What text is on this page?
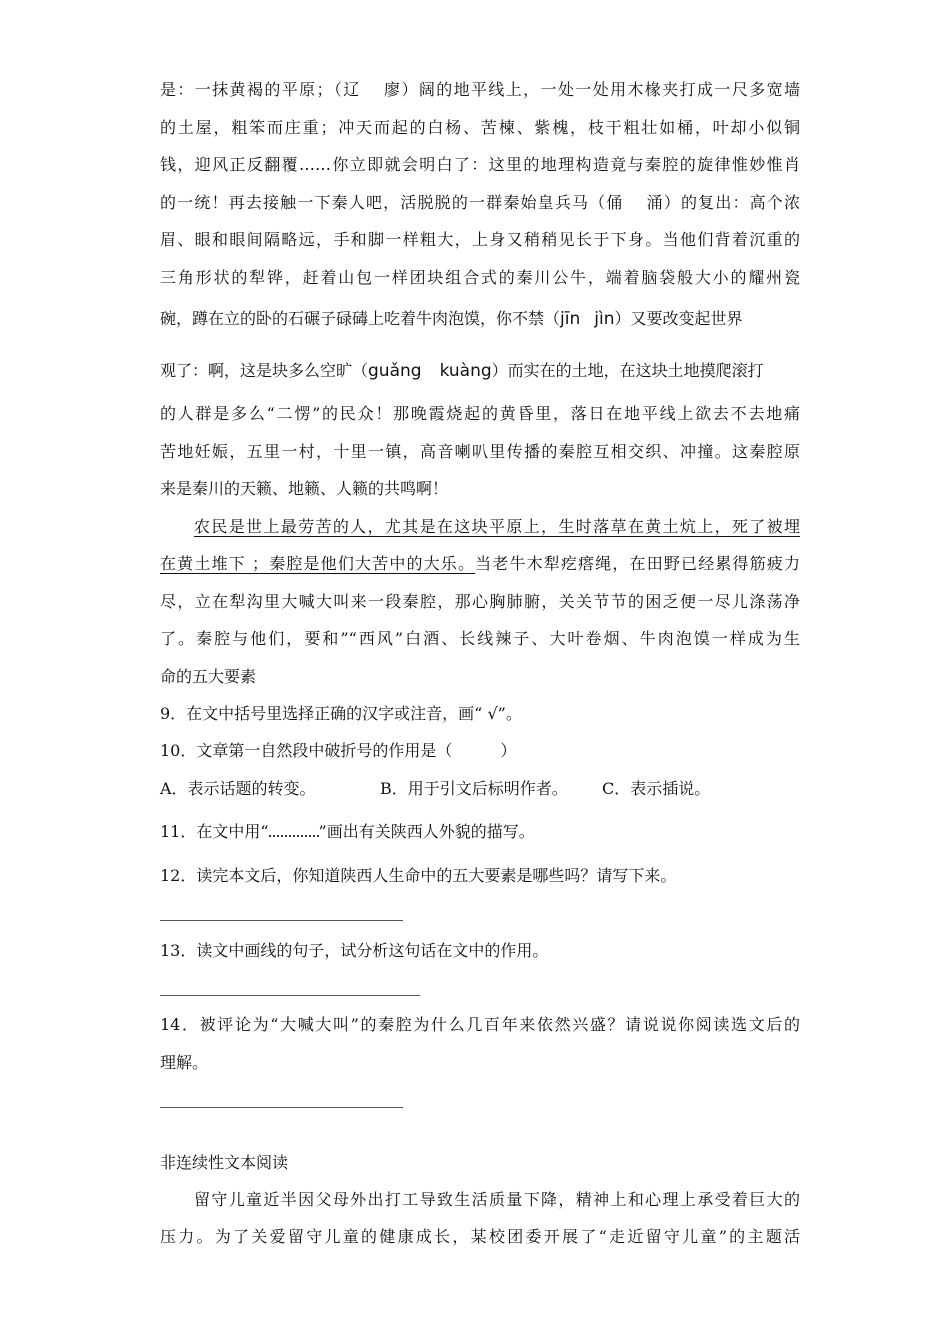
是：一抹黄褐的平原；（辽 廖）阔的地平线上，一处一处用木椽夹打成一尺多宽墙
的土屋，粗笨而庄重；冲天而起的白杨、苦楝、紫槐，枝干粗壮如桶，叶却小似铜
钱，迎风正反翻覆……你立即就会明白了：这里的地理构造竟与秦腔的旋律惟妙惟肖
的一统！再去接触一下秦人吧，活脱脱的一群秦始皇兵马（俑 涌）的复出：高个浓
眉、眼和眼间隔略远，手和脚一样粗大，上身又稍稍见长于下身。当他们背着沉重的
三角形状的犁铧，赶着山包一样团块组合式的秦川公牛，端着脑袋般大小的耀州瓷
碗，蹲在立的卧的石碾子碌碡上吃着牛肉泡馍，你不禁（jīn jìn）又要改变起世界
观了：啊，这是块多么空旷（guǎng kuàng）而实在的土地，在这块土地摸爬滚打
的人群是多么“二愣”的民众！那晚霞烧起的黄昏里，落日在地平线上欲去不去地痛
苦地妊娠，五里一村，十里一镇，高音喇叭里传播的秦腔互相交织、冲撞。这秦腔原
来是秦川的天籁、地籁、人籁的共鸣啊！
农民是世上最劳苦的人，尤其是在这块平原上，生时落草在黄土炕上，死了被埋
在黄土堆下 ；秦腔是他们大苦中的大乐。当老牛木犁疙瘩绳，在田野已经累得筋疲力
尽，立在犁沟里大喊大叫来一段秦腔，那心胸肺腑，关关节节的困乏便一尽儿涤荡净
了。秦腔与他们，要和”“西风”白酒、长线辣子、大叶卷烟、牛肉泡馍一样成为生
命的五大要素
9．在文中括号里选择正确的汉字或注音，画“ √”。
10．文章第一自然段中破折号的作用是（　　　）
A．表示话题的转变。	B．用于引文后标明作者。 C．表示插说。
11．在文中用“	”画出有关陕西人外貌的描写。
12．读完本文后，你知道陕西人生命中的五大要素是哪些吗？请写下来。
13．读文中画线的句子，试分析这句话在文中的作用。
14．被评论为“大喊大叫”的秦腔为什么几百年来依然兴盛？请说说你阅读选文后的
理解。
非连续性文本阅读
留守儿童近半因父母外出打工导致生活质量下降，精神上和心理上承受着巨大的
压力。为了关爱留守儿童的健康成长，某校团委开展了“走近留守儿童”的主题活
